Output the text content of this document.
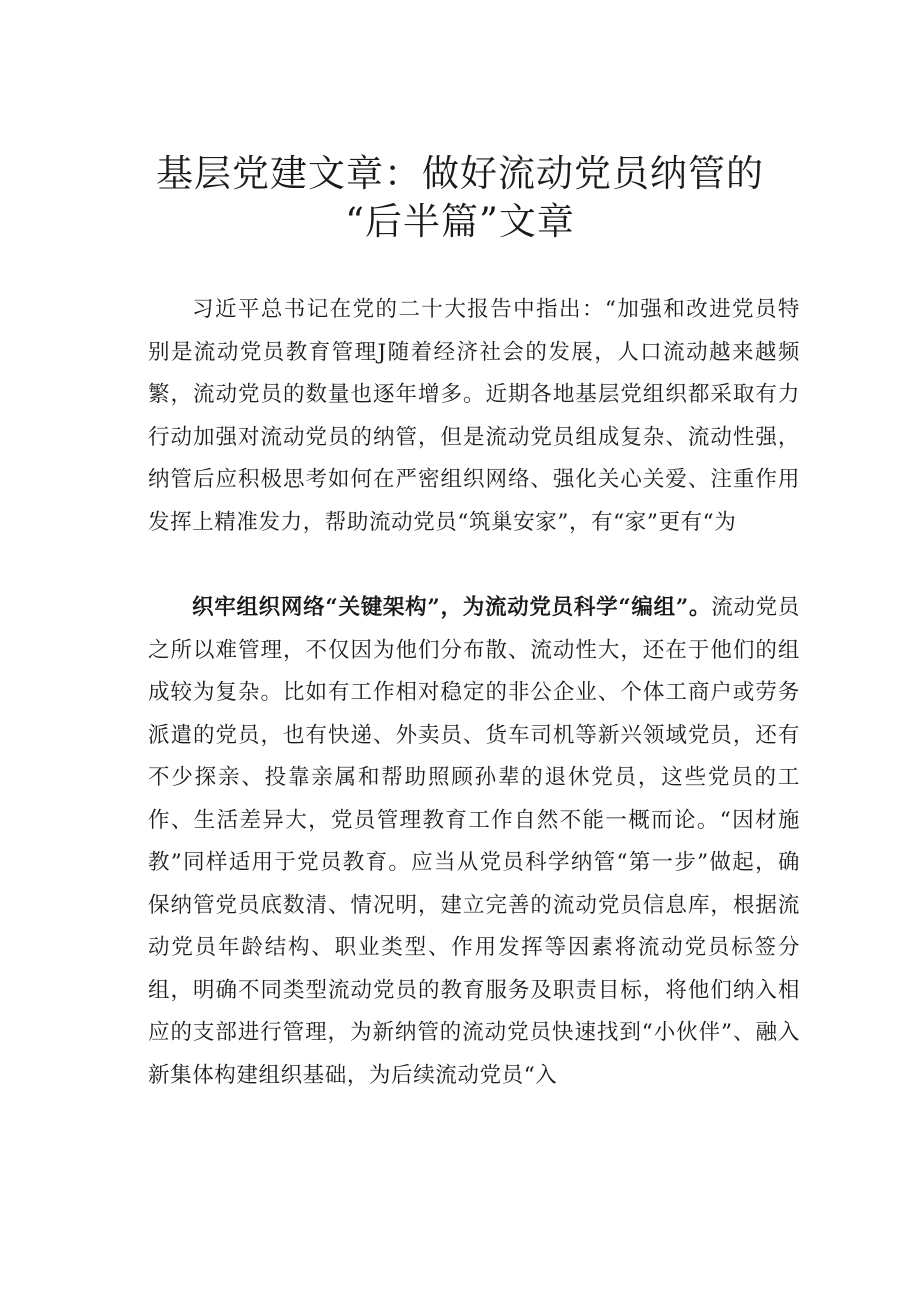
基层党建文章：做好流动党员纳管的
“后半篇”文章

习近平总书记在党的二十大报告中指出：“加强和改进党员特别是流动党员教育管理J随着经济社会的发展，人口流动越来越频繁，流动党员的数量也逐年增多。近期各地基层党组织都采取有力行动加强对流动党员的纳管，但是流动党员组成复杂、流动性强，纳管后应积极思考如何在严密组织网络、强化关心关爱、注重作用发挥上精准发力，帮助流动党员“筑巢安家”，有“家”更有“为

织牢组织网络“关键架构”，为流动党员科学“编组”。流动党员之所以难管理，不仅因为他们分布散、流动性大，还在于他们的组成较为复杂。比如有工作相对稳定的非公企业、个体工商户或劳务派遣的党员，也有快递、外卖员、货车司机等新兴领域党员，还有不少探亲、投靠亲属和帮助照顾孙辈的退休党员，这些党员的工作、生活差异大，党员管理教育工作自然不能一概而论。“因材施教”同样适用于党员教育。应当从党员科学纳管“第一步”做起，确保纳管党员底数清、情况明，建立完善的流动党员信息库，根据流动党员年龄结构、职业类型、作用发挥等因素将流动党员标签分组，明确不同类型流动党员的教育服务及职责目标，将他们纳入相应的支部进行管理，为新纳管的流动党员快速找到“小伙伴”、融入新集体构建组织基础，为后续流动党员“入
